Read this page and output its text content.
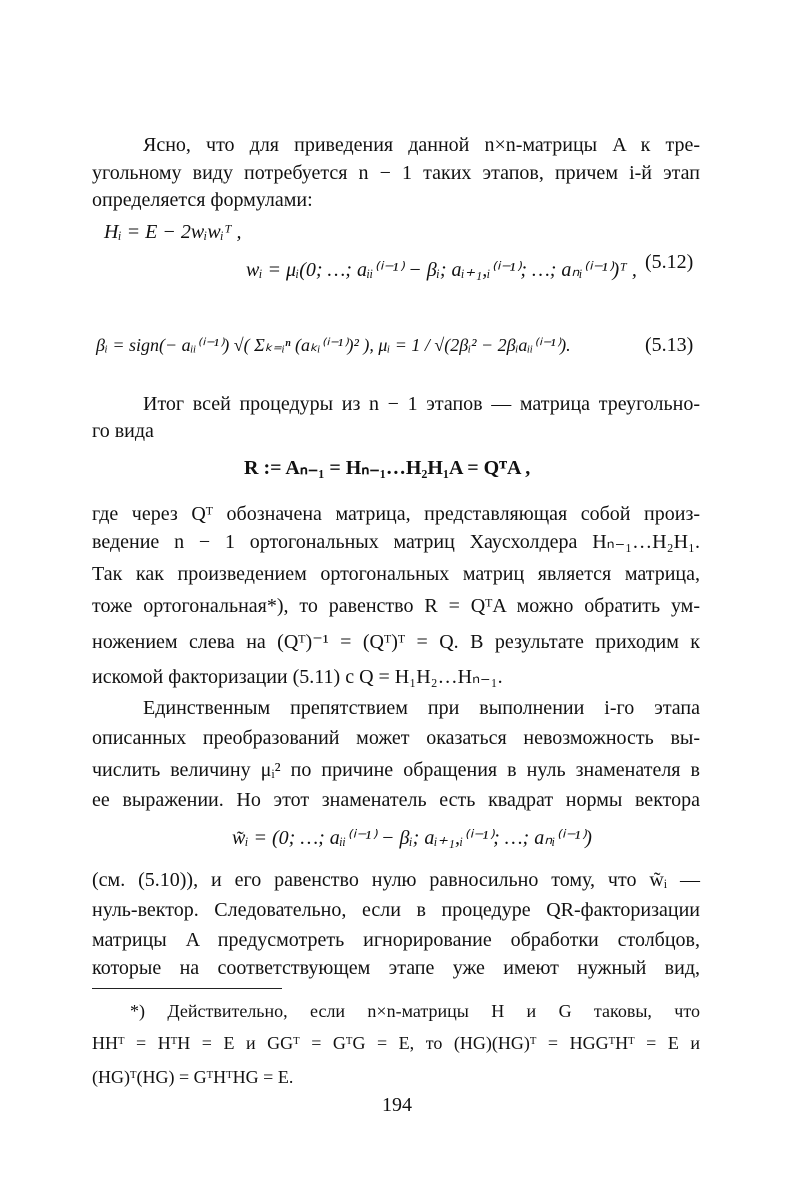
Ясно, что для приведения данной n×n-матрицы A к тре-
угольному виду потребуется n − 1 таких этапов, причем i-й этап
определяется формулами:
Hᵢ = E − 2wᵢwᵢᵀ ,
wᵢ = μᵢ(0; …; aᵢᵢ⁽ⁱ⁻¹⁾ − βᵢ; aᵢ₊₁,ᵢ⁽ⁱ⁻¹⁾; …; aₙᵢ⁽ⁱ⁻¹⁾)ᵀ , (5.12)
βᵢ = sign(− aᵢᵢ⁽ⁱ⁻¹⁾) √( Σₖ₌ᵢⁿ (aₖᵢ⁽ⁱ⁻¹⁾)² ), μᵢ = 1 / √(2βᵢ² − 2βᵢaᵢᵢ⁽ⁱ⁻¹⁾).	(5.13)
Итог всей процедуры из n − 1 этапов — матрица треугольно-
го вида
R := Aₙ₋₁ = Hₙ₋₁…H₂H₁A = QᵀA ,
где через Qᵀ обозначена матрица, представляющая собой произ-
ведение n − 1 ортогональных матриц Хаусхолдера Hₙ₋₁…H₂H₁.
Так как произведением ортогональных матриц является матрица,
тоже ортогональная*), то равенство R = QᵀA можно обратить ум-
ножением слева на (Qᵀ)⁻¹ = (Qᵀ)ᵀ = Q. В результате приходим к
искомой факторизации (5.11) с Q = H₁H₂…Hₙ₋₁.
Единственным препятствием при выполнении i-го этапа
описанных преобразований может оказаться невозможность вы-
числить величину μᵢ² по причине обращения в нуль знаменателя в
ее выражении. Но этот знаменатель есть квадрат нормы вектора
w̃ᵢ = (0; …; aᵢᵢ⁽ⁱ⁻¹⁾ − βᵢ; aᵢ₊₁,ᵢ⁽ⁱ⁻¹⁾; …; aₙᵢ⁽ⁱ⁻¹⁾)
(см. (5.10)), и его равенство нулю равносильно тому, что w̃ᵢ —
нуль-вектор. Следовательно, если в процедуре QR-факторизации
матрицы A предусмотреть игнорирование обработки столбцов,
которые на соответствующем этапе уже имеют нужный вид,
*) Действительно, если n×n-матрицы H и G таковы, что
HHᵀ = HᵀH = E и GGᵀ = GᵀG = E, то (HG)(HG)ᵀ = HGGᵀHᵀ = E и
(HG)ᵀ(HG) = GᵀHᵀHG = E.
194
